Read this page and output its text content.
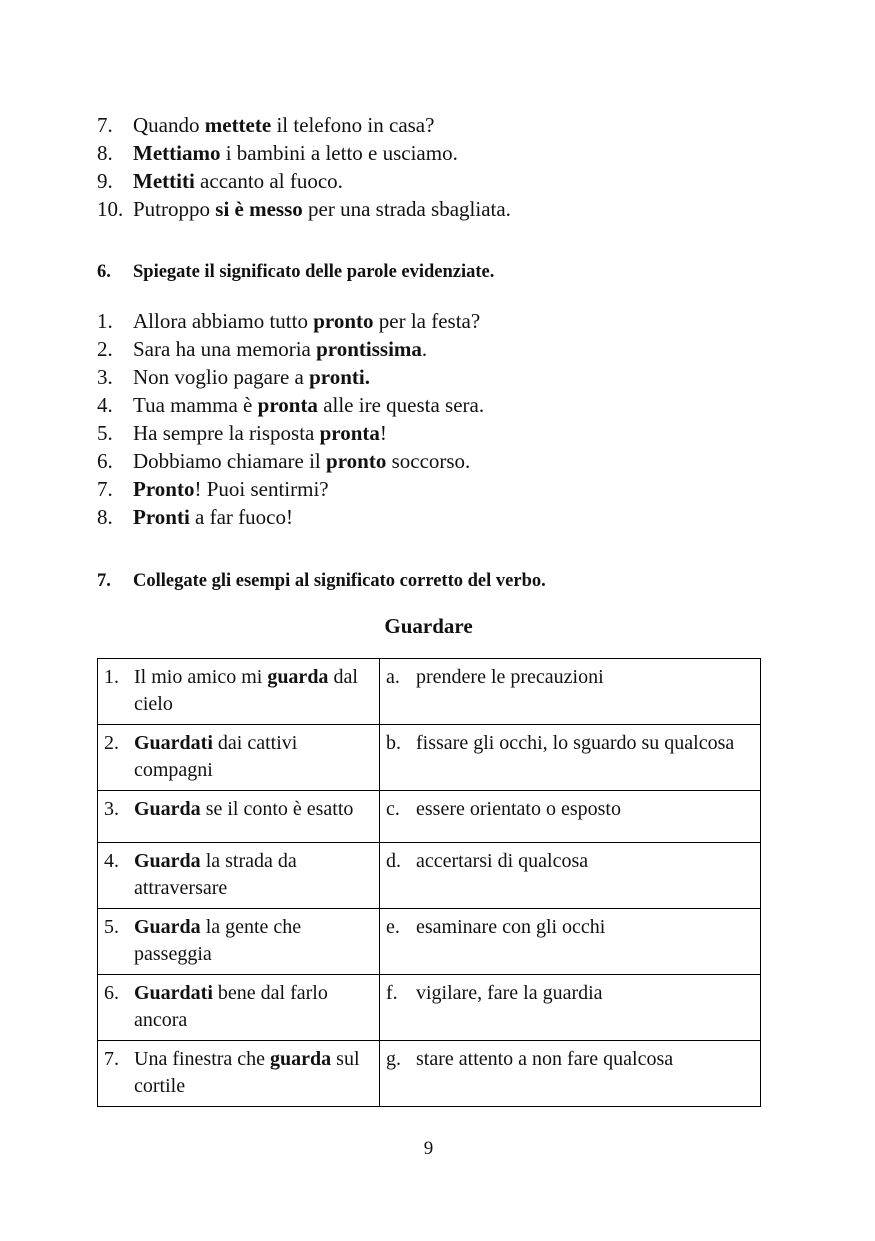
7. Quando mettete il telefono in casa?
8. Mettiamo i bambini a letto e usciamo.
9. Mettiti accanto al fuoco.
10. Putroppo si è messo per una strada sbagliata.
6. Spiegate il significato delle parole evidenziate.
1. Allora abbiamo tutto pronto per la festa?
2. Sara ha una memoria prontissima.
3. Non voglio pagare a pronti.
4. Tua mamma è pronta alle ire questa sera.
5. Ha sempre la risposta pronta!
6. Dobbiamo chiamare il pronto soccorso.
7. Pronto! Puoi sentirmi?
8. Pronti a far fuoco!
7. Collegate gli esempi al significato corretto del verbo.
Guardare
1. Il mio amico mi guarda dal cielo	a. prendere le precauzioni

2. Guardati dai cattivi compagni	b. fissare gli occhi, lo sguardo su qualcosa

3. Guarda se il conto è esatto	c. essere orientato o esposto

4. Guarda la strada da attraversare	d. accertarsi di qualcosa

5. Guarda la gente che passeggia	e. esaminare con gli occhi

6. Guardati bene dal farlo ancora	f. vigilare, fare la guardia

7. Una finestra che guarda sul cortile	g. stare attento a non fare qualcosa
9
